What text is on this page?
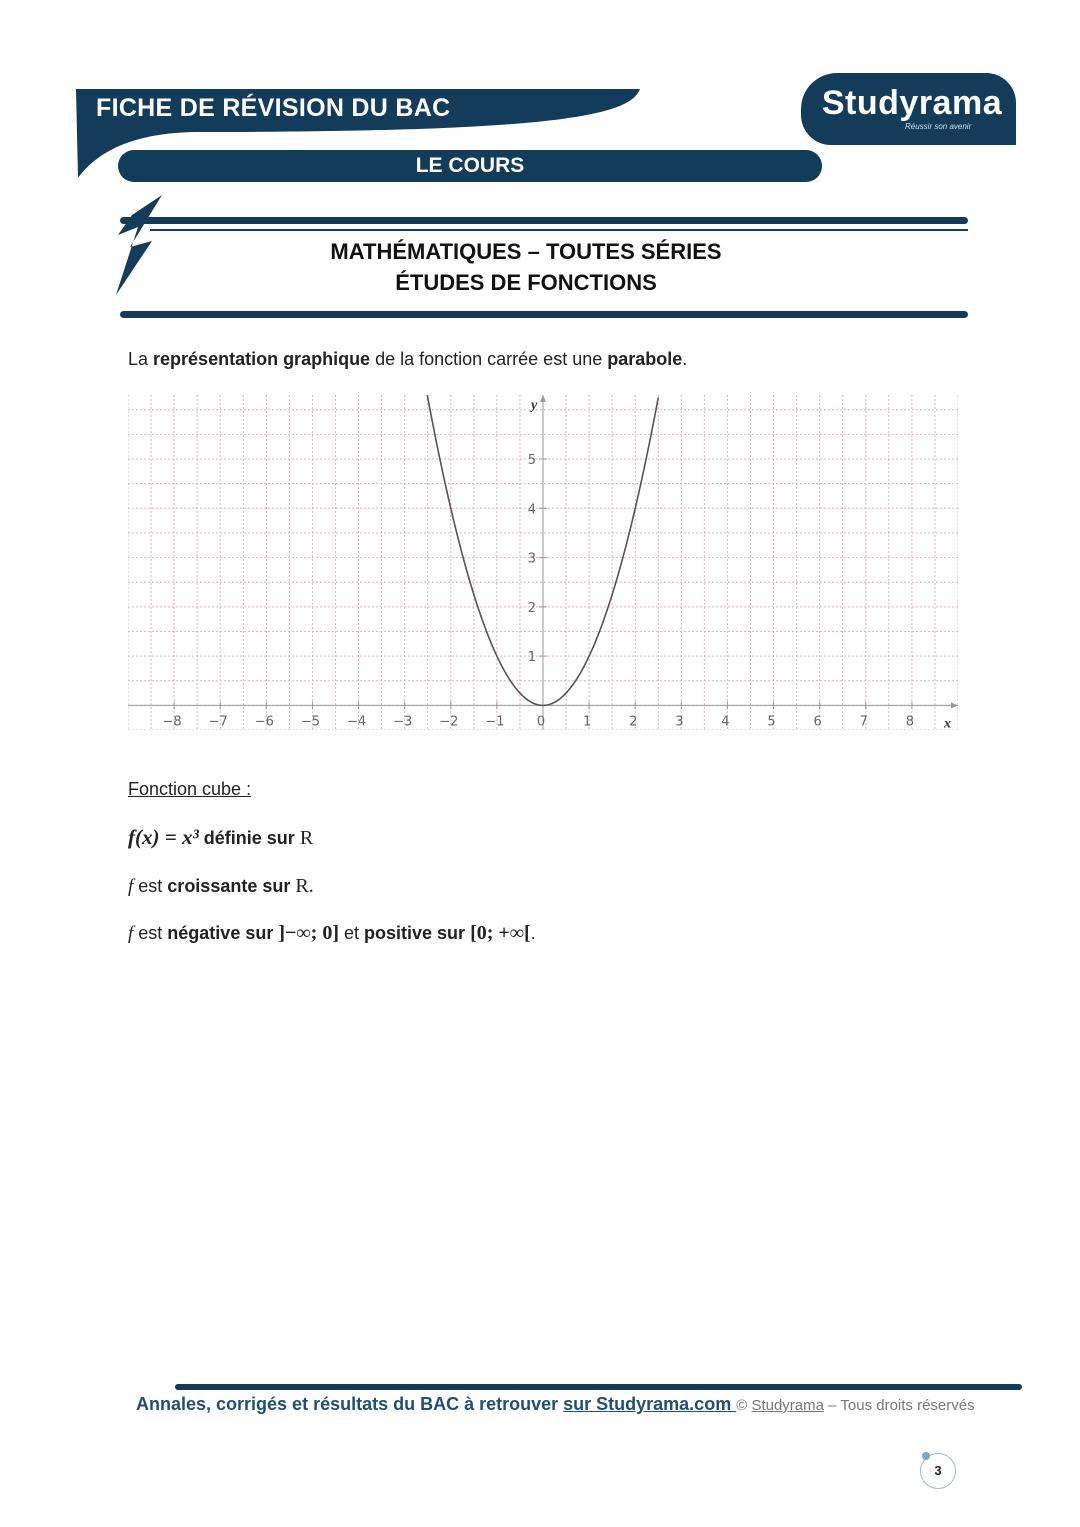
FICHE DE RÉVISION DU BAC
LE COURS
Studyrama
Réussir son avenir
MATHÉMATIQUES – TOUTES SÉRIES
ÉTUDES DE FONCTIONS
La représentation graphique de la fonction carrée est une parabole.
x
y
−8 −7 −6 −5 −4 −3 −2 −1 0	1	2	3	4	5	6	7	8
1
2
3
4
5
Fonction cube :
f(x) = x³ définie sur R
f est croissante sur R.
f est négative sur ]−∞; 0] et positive sur [0; +∞[.
Annales, corrigés et résultats du BAC à retrouver sur Studyrama.com © Studyrama – Tous droits réservés
3
